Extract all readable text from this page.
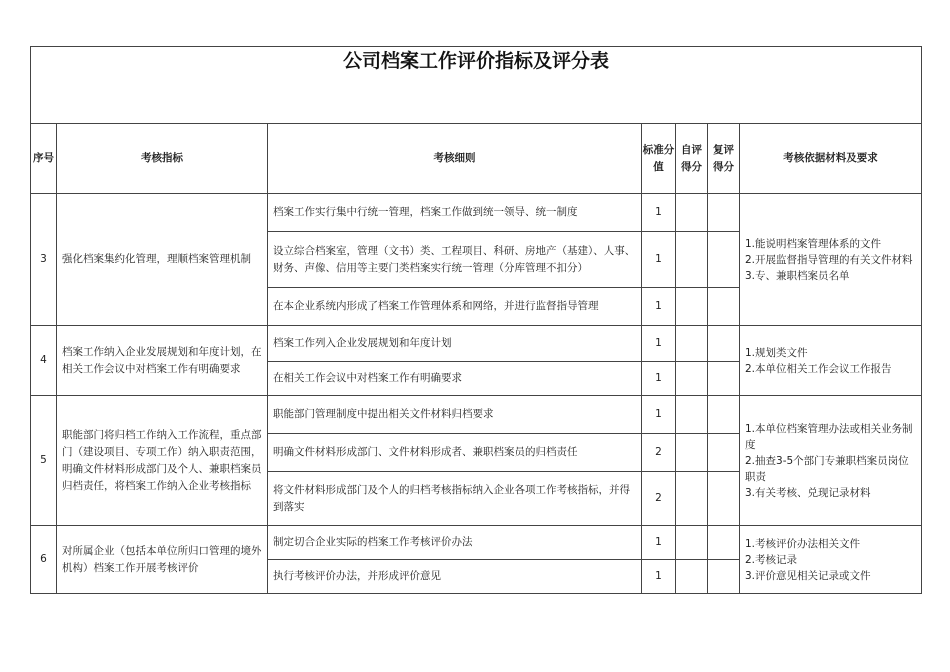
公司档案工作评价指标及评分表						
序号	考核指标	考核细则	标准分值	自评得分	复评得分	考核依据材料及要求
3	强化档案集约化管理，理顺档案管理机制	档案工作实行集中行统一管理，档案工作做到统一领导、统一制度	1			1.能说明档案管理体系的文件
2.开展监督指导管理的有关文件材料
3.专、兼职档案员名单

		设立综合档案室，管理（文书）类、工程项目、科研、房地产（基建）、人事、财务、声像、信用等主要门类档案实行统一管理（分库管理不扣分）	1			
		在本企业系统内形成了档案工作管理体系和网络，并进行监督指导管理	1			
4	档案工作纳入企业发展规划和年度计划，在相关工作会议中对档案工作有明确要求	档案工作列入企业发展规划和年度计划	1			1.规划类文件
2.本单位相关工作会议工作报告

		在相关工作会议中对档案工作有明确要求	1			
5	职能部门将归档工作纳入工作流程，重点部门（建设项目、专项工作）纳入职责范围，明确文件材料形成部门及个人、兼职档案员归档责任，将档案工作纳入企业考核指标	职能部门管理制度中提出相关文件材料归档要求	1			1.本单位档案管理办法或相关业务制度
2.抽查3-5个部门专兼职档案员岗位职责
3.有关考核、兑现记录材料

		明确文件材料形成部门、文件材料形成者、兼职档案员的归档责任	2			
		将文件材料形成部门及个人的归档考核指标纳入企业各项工作考核指标，并得到落实	2			
6	对所属企业（包括本单位所归口管理的境外机构）档案工作开展考核评价	制定切合企业实际的档案工作考核评价办法	1			1.考核评价办法相关文件
2.考核记录
3.评价意见相关记录或文件

		执行考核评价办法，并形成评价意见	1			
